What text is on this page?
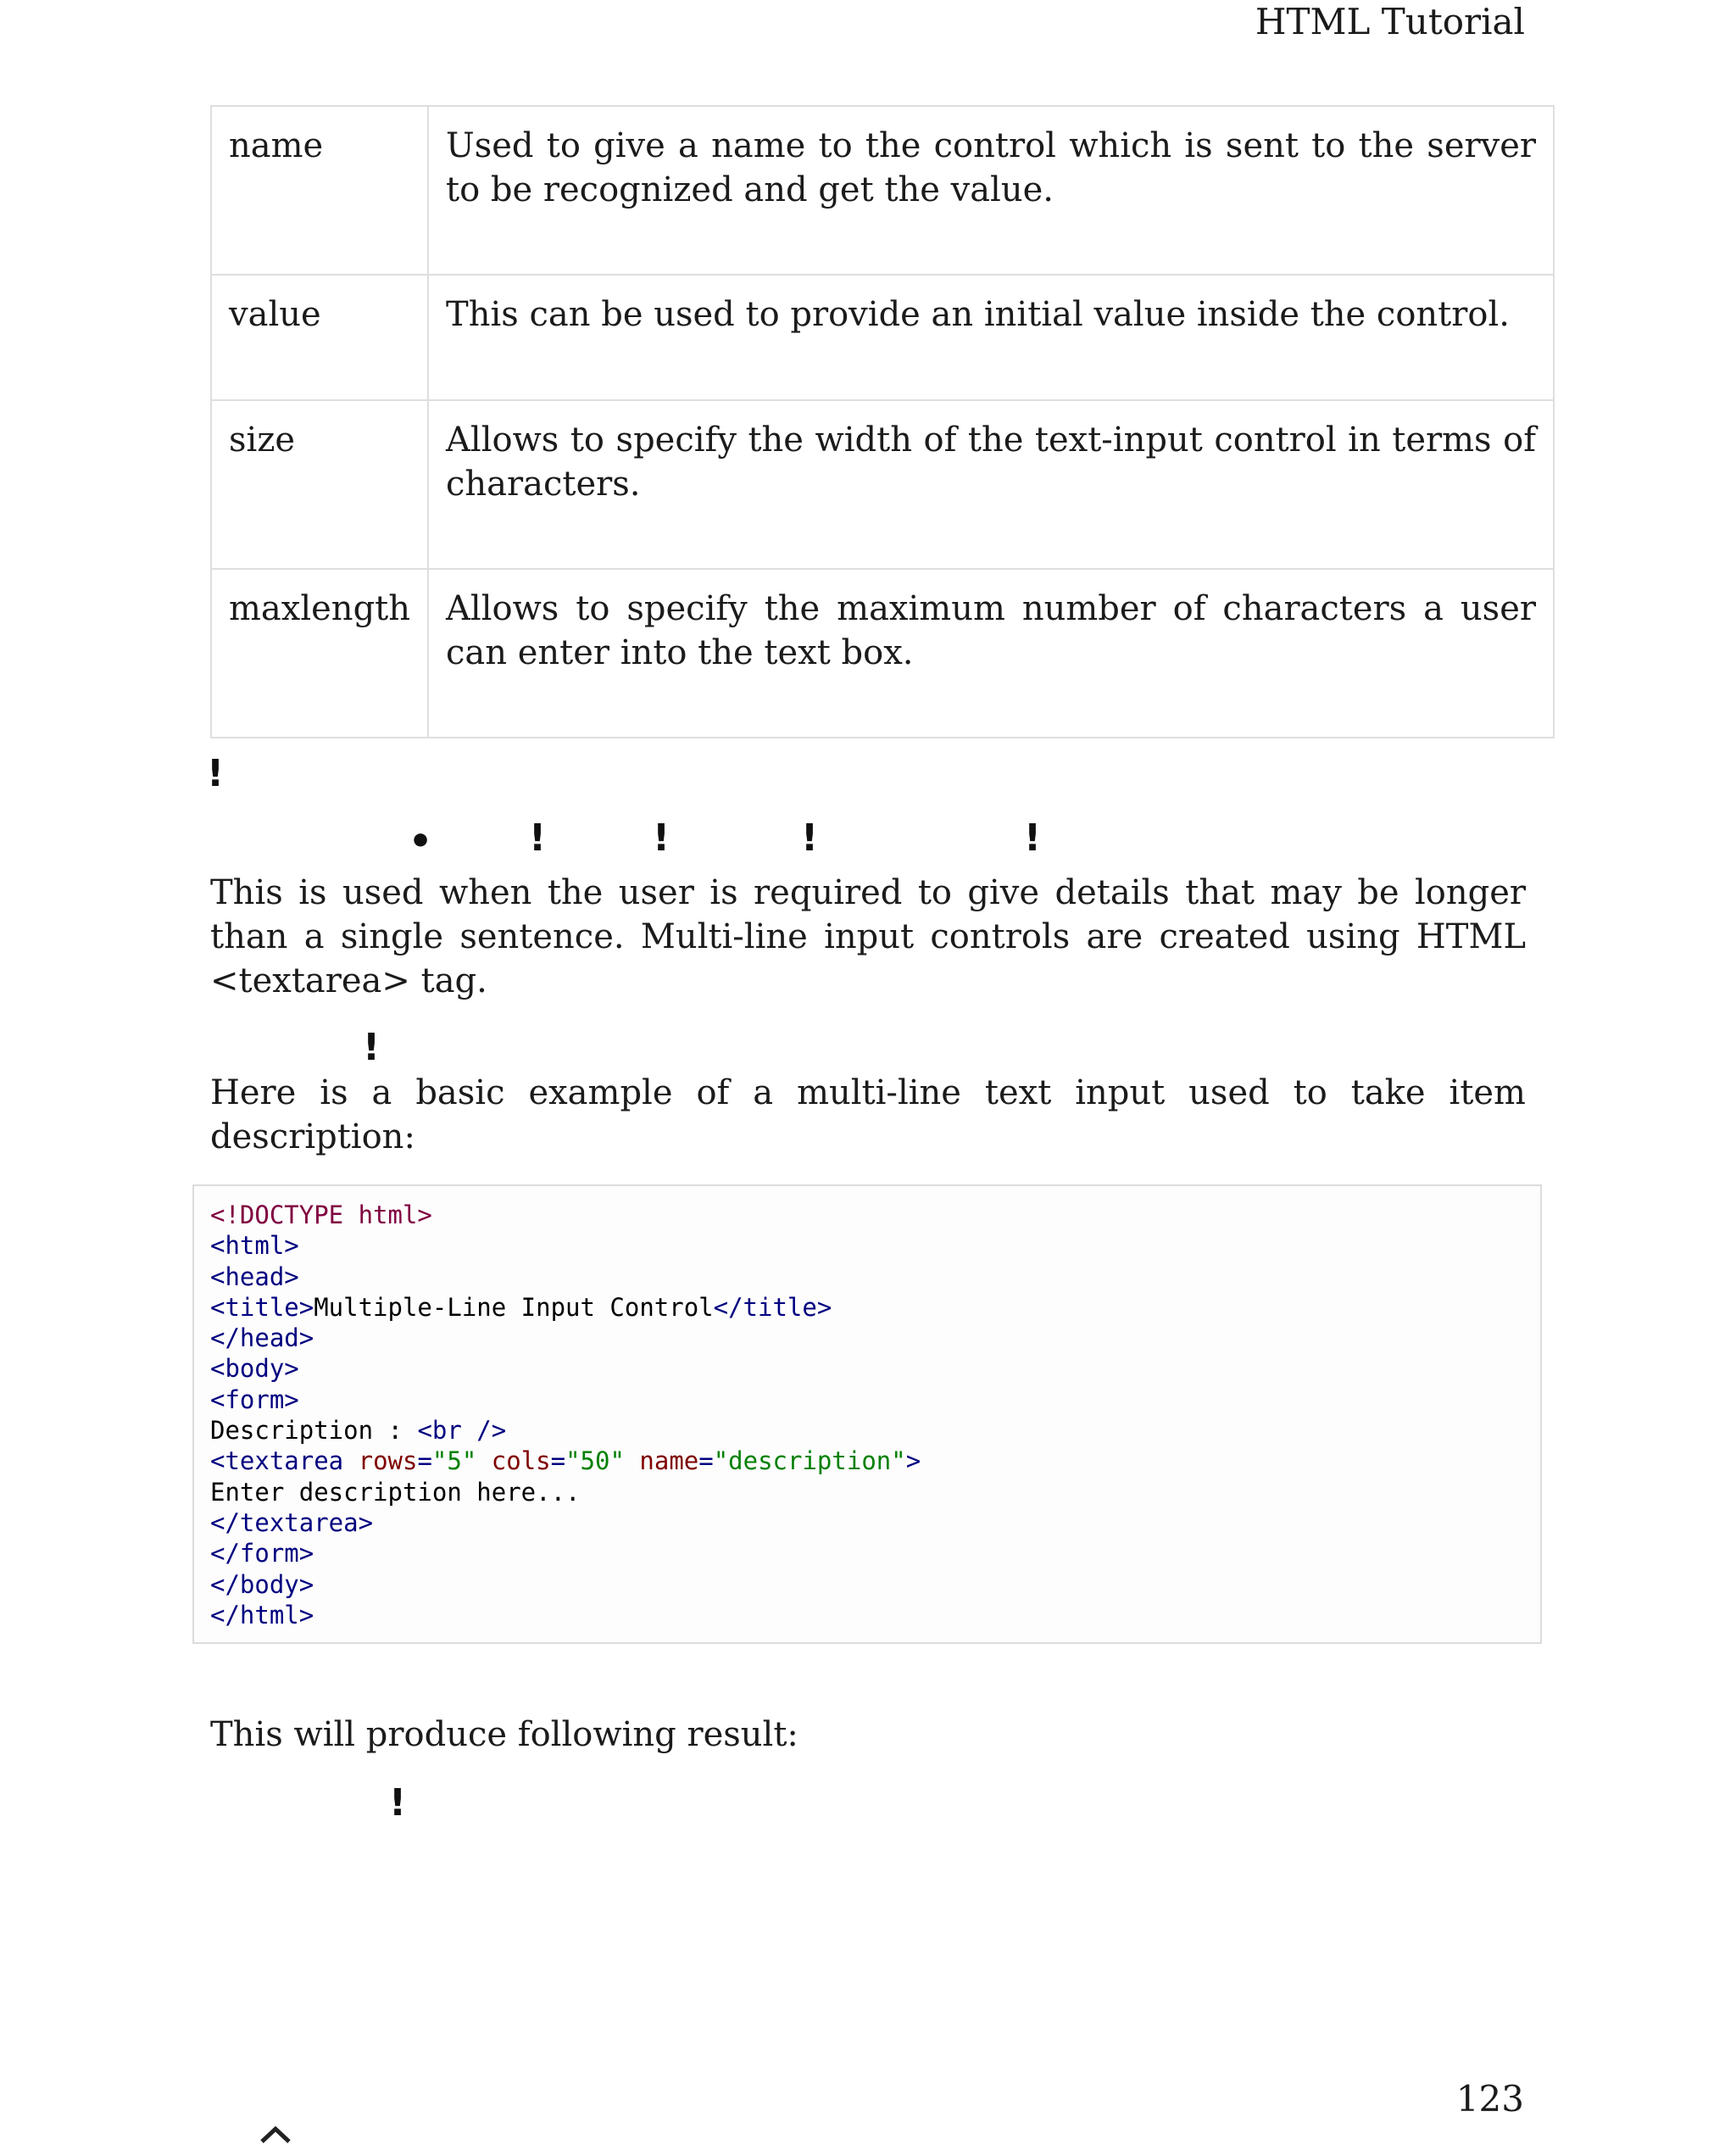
HTML Tutorial
name	Used to give a name to the control which is sent to the server to be recognized and get the value.
value	This can be used to provide an initial value inside the control.
size	Allows to specify the width of the text-input control in terms of characters.
maxlength	Allows to specify the maximum number of characters a user can enter into the text box.
!
•	!	!	!	!

This is used when the user is required to give details that may be longer than a single sentence. Multi-line input controls are created using HTML <textarea> tag.

!

Here is a basic example of a multi-line text input used to take item description:

<!DOCTYPE html>
<html>
<head>
<title>Multiple-Line Input Control</title>
</head>
<body>
<form>
Description : <br />
<textarea rows="5" cols="50" name="description">
Enter description here...
</textarea>
</form>
</body>
</html>

This will produce following result:

!
123
